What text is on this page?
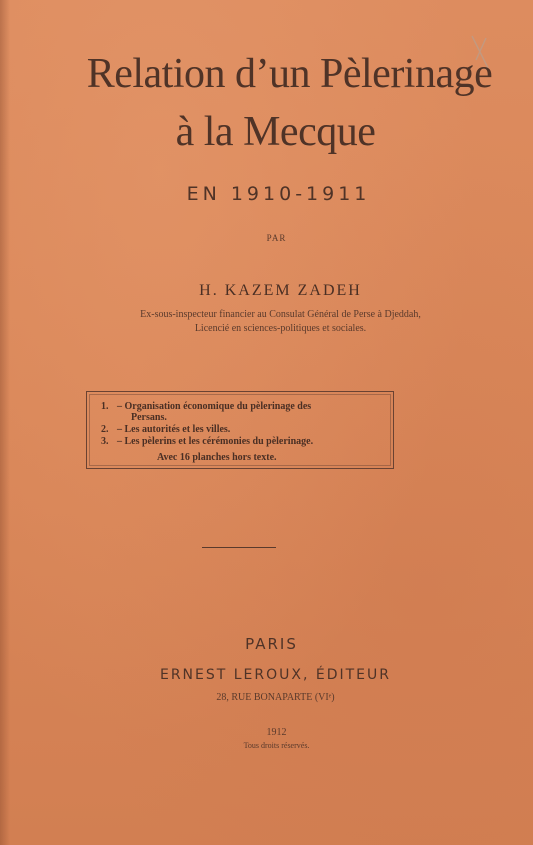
Relation d’un Pèlerinage
à la Mecque
EN 1910-1911
PAR
H. KAZEM ZADEH
Ex-sous-inspecteur financier au Consulat Général de Perse à Djeddah,
Licencié en sciences-politiques et sociales.
1. – Organisation économique du pèlerinage des
Persans.
2. – Les autorités et les villes.
3. – Les pèlerins et les cérémonies du pèlerinage.
Avec 16 planches hors texte.
PARIS
ERNEST LEROUX, ÉDITEUR
28, RUE BONAPARTE (VIᵉ)
1912
Tous droits réservés.
